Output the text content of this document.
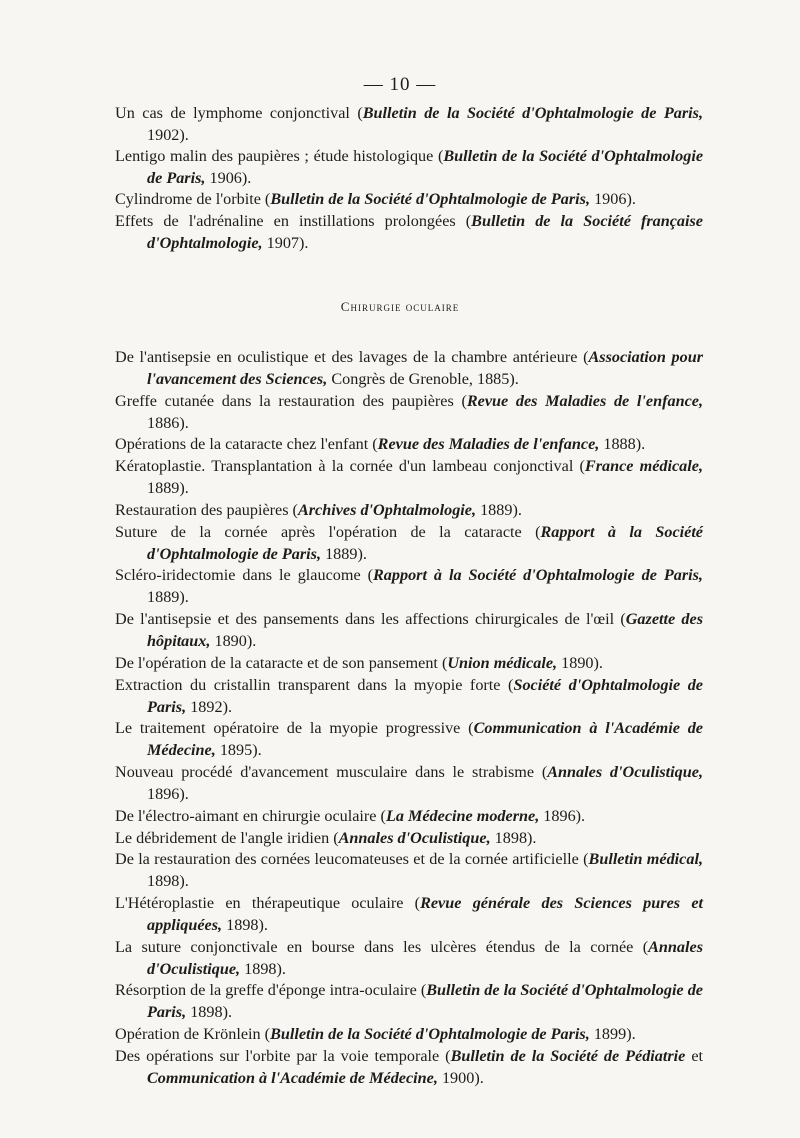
— 10 —

Un cas de lymphome conjonctival (Bulletin de la Société d'Ophtalmologie de Paris, 1902).

Lentigo malin des paupières ; étude histologique (Bulletin de la Société d'Ophtalmologie de Paris, 1906).

Cylindrome de l'orbite (Bulletin de la Société d'Ophtalmologie de Paris, 1906).

Effets de l'adrénaline en instillations prolongées (Bulletin de la Société française d'Ophtalmologie, 1907).

Chirurgie oculaire

De l'antisepsie en oculistique et des lavages de la chambre antérieure (Association pour l'avancement des Sciences, Congrès de Grenoble, 1885).

Greffe cutanée dans la restauration des paupières (Revue des Maladies de l'enfance, 1886).

Opérations de la cataracte chez l'enfant (Revue des Maladies de l'enfance, 1888).

Kératoplastie. Transplantation à la cornée d'un lambeau conjonctival (France médicale, 1889).

Restauration des paupières (Archives d'Ophtalmologie, 1889).

Suture de la cornée après l'opération de la cataracte (Rapport à la Société d'Ophtalmologie de Paris, 1889).

Scléro-iridectomie dans le glaucome (Rapport à la Société d'Ophtalmologie de Paris, 1889).

De l'antisepsie et des pansements dans les affections chirurgicales de l'œil (Gazette des hôpitaux, 1890).

De l'opération de la cataracte et de son pansement (Union médicale, 1890).

Extraction du cristallin transparent dans la myopie forte (Société d'Ophtalmologie de Paris, 1892).

Le traitement opératoire de la myopie progressive (Communication à l'Académie de Médecine, 1895).

Nouveau procédé d'avancement musculaire dans le strabisme (Annales d'Oculistique, 1896).

De l'électro-aimant en chirurgie oculaire (La Médecine moderne, 1896).

Le débridement de l'angle iridien (Annales d'Oculistique, 1898).

De la restauration des cornées leucomateuses et de la cornée artificielle (Bulletin médical, 1898).

L'Hétéroplastie en thérapeutique oculaire (Revue générale des Sciences pures et appliquées, 1898).

La suture conjonctivale en bourse dans les ulcères étendus de la cornée (Annales d'Oculistique, 1898).

Résorption de la greffe d'éponge intra-oculaire (Bulletin de la Société d'Ophtalmologie de Paris, 1898).

Opération de Krönlein (Bulletin de la Société d'Ophtalmologie de Paris, 1899).

Des opérations sur l'orbite par la voie temporale (Bulletin de la Société de Pédiatrie et Communication à l'Académie de Médecine, 1900).
